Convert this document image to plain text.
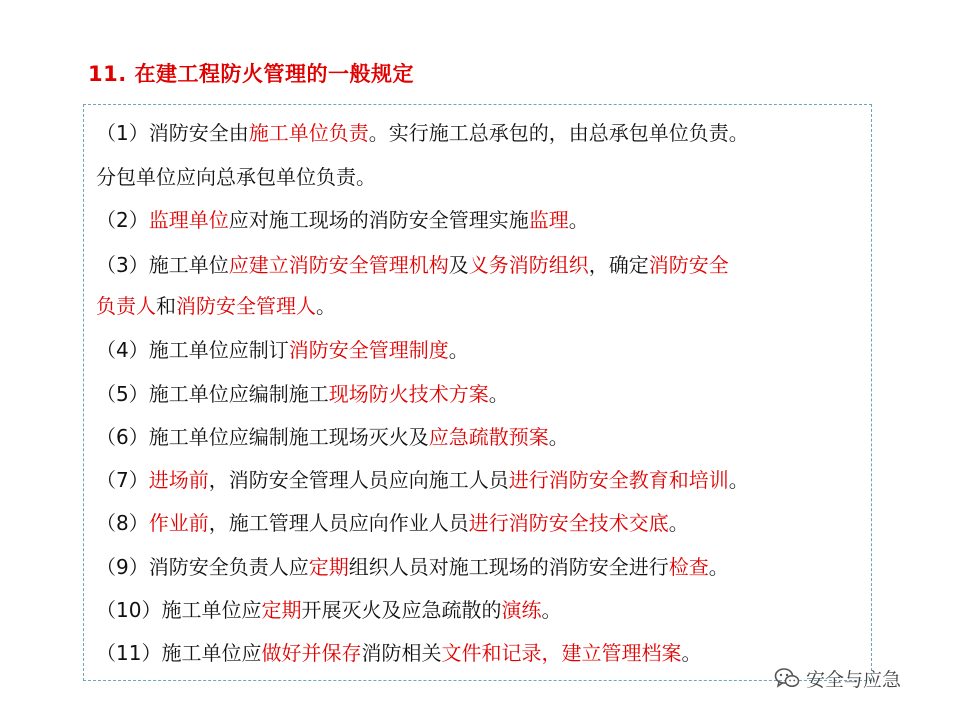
11. 在建工程防火管理的一般规定
（1）消防安全由施工单位负责。实行施工总承包的，由总承包单位负责。
分包单位应向总承包单位负责。
（2）监理单位应对施工现场的消防安全管理实施监理。
（3）施工单位应建立消防安全管理机构及义务消防组织，确定消防安全
负责人和消防安全管理人。
（4）施工单位应制订消防安全管理制度。
（5）施工单位应编制施工现场防火技术方案。
（6）施工单位应编制施工现场灭火及应急疏散预案。
（7）进场前，消防安全管理人员应向施工人员进行消防安全教育和培训。
（8）作业前，施工管理人员应向作业人员进行消防安全技术交底。
（9）消防安全负责人应定期组织人员对施工现场的消防安全进行检查。
（10）施工单位应定期开展灭火及应急疏散的演练。
（11）施工单位应做好并保存消防相关文件和记录，建立管理档案。
安全与应急
